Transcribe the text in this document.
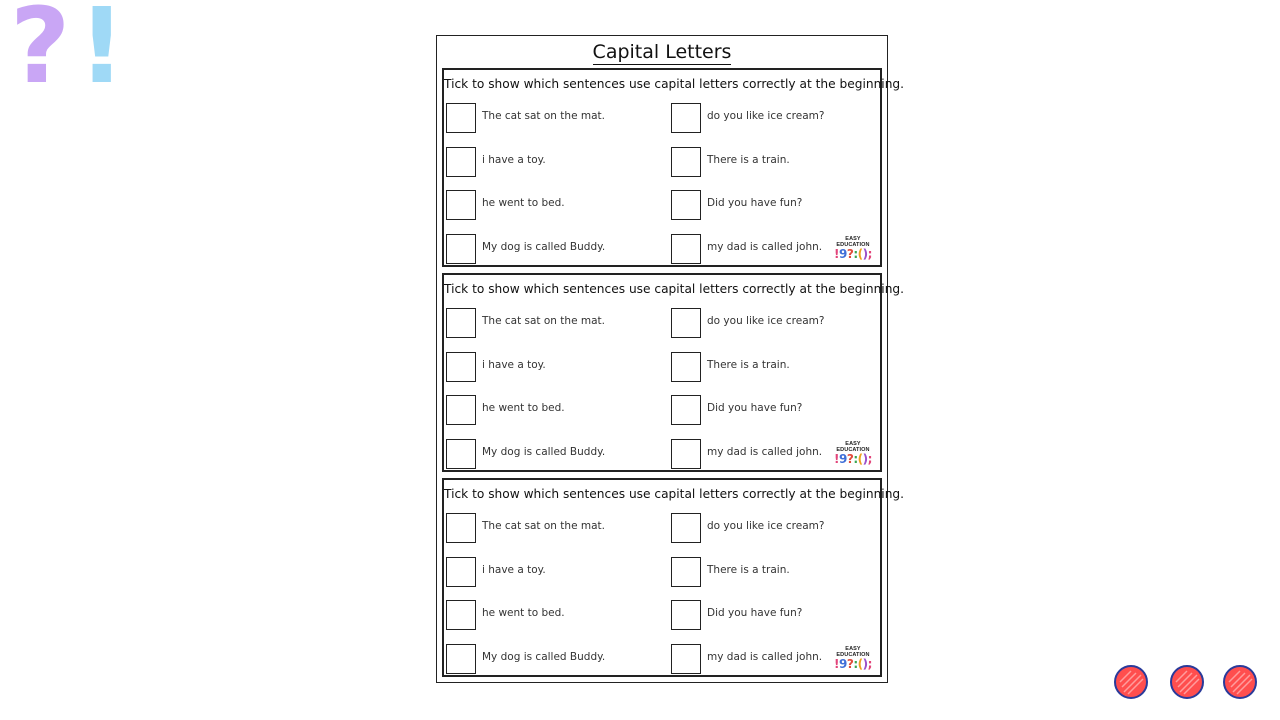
? !	Capital Letters
Tick to show which sentences use capital letters correctly at the beginning.
The cat sat on the mat.
i have a toy.
he went to bed.
My dog is called Buddy.
do you like ice cream?
There is a train.
Did you have fun?
my dad is called john.
EASY EDUCATION
!9?:();
Tick to show which sentences use capital letters correctly at the beginning.
The cat sat on the mat.
i have a toy.
he went to bed.
My dog is called Buddy.
do you like ice cream?
There is a train.
Did you have fun?
my dad is called john.
EASY EDUCATION
!9?:();
Tick to show which sentences use capital letters correctly at the beginning.
The cat sat on the mat.
i have a toy.
he went to bed.
My dog is called Buddy.
do you like ice cream?
There is a train.
Did you have fun?
my dad is called john.
EASY EDUCATION
!9?:();
